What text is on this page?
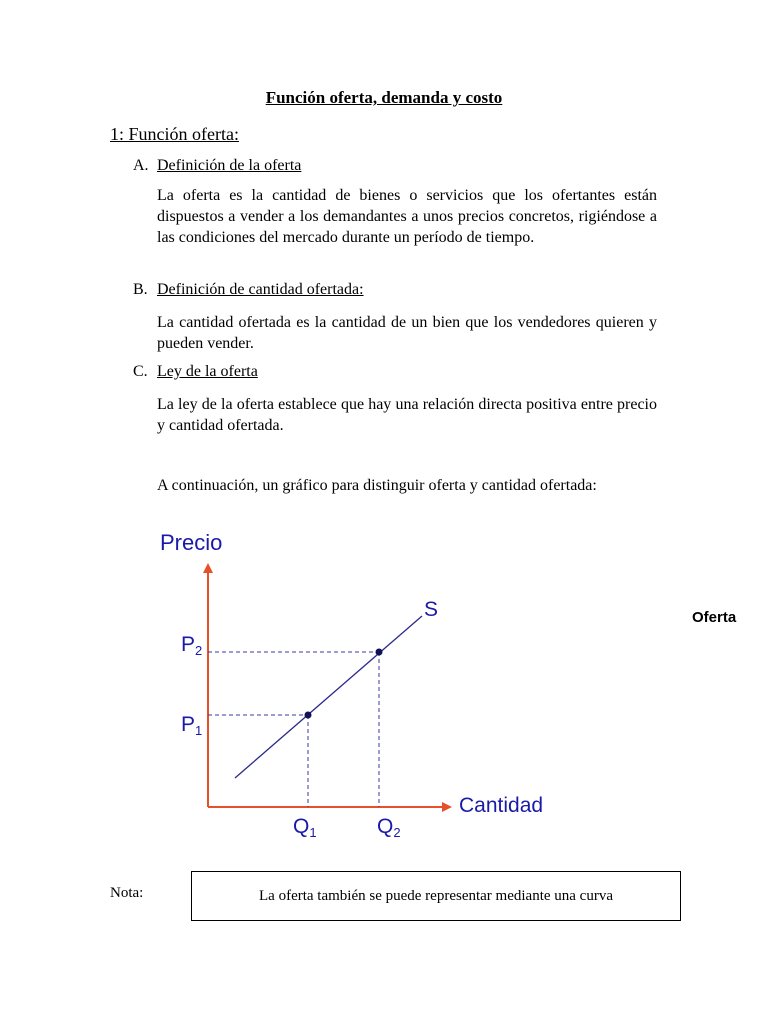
Función oferta, demanda y costo
1: Función oferta:
A. Definición de la oferta
La oferta es la cantidad de bienes o servicios que los ofertantes están dispuestos a vender a los demandantes a unos precios concretos, rigiéndose a las condiciones del mercado durante un período de tiempo.
B. Definición de cantidad ofertada:
La cantidad ofertada es la cantidad de un bien que los vendedores quieren y pueden vender.
C. Ley de la oferta
La ley de la oferta establece que hay una relación directa positiva entre precio y cantidad ofertada.
A continuación, un gráfico para distinguir oferta y cantidad ofertada:
Precio
Cantidad
S
P2
P1
Q1	Q2
Oferta
Nota:	La oferta también se puede representar mediante una curva
